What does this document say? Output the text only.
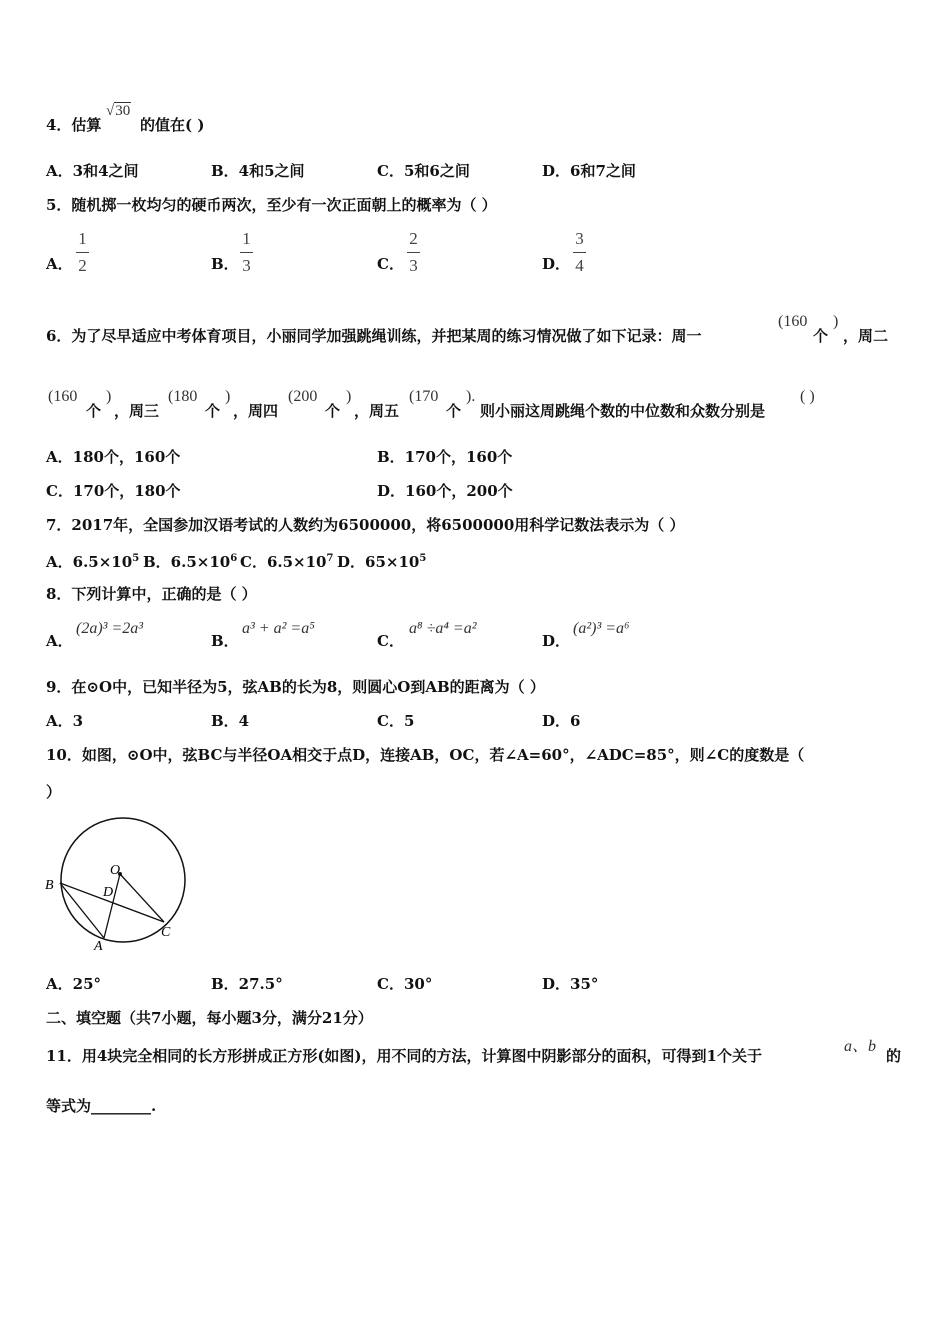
4．估算
√30
的值在( )
A．3和4之间	B．4和5之间	C．5和6之间	D．6和7之间
5．随机掷一枚均匀的硬币两次，至少有一次正面朝上的概率为（ ）
A．
1
2	B．
1
3	C．
2
3	D．
3
4
6．为了尽早适应中考体育项目，小丽同学加强跳绳训练，并把某周的练习情况做了如下记录：周一
(160
个
)
，周二
(160
个
)
，周三
(180
个
)
，周四
(200
个
)
，周五
(170
个
).
则小丽这周跳绳个数的中位数和众数分别是
( )
A．180个，160个	B．170个，160个
C．170个，180个	D．160个，200个
7．2017年，全国参加汉语考试的人数约为6500000，将6500000用科学记数法表示为（ ）
A．$6.5\times 10^5$ B．$6.5\times 10^6$ C．$6.5\times 10^7$ D．$65\times 10^5$
8．下列计算中，正确的是（ ）
A．
(2a)³ =2a³
B．
a³ + a² =a⁵
C．
a⁸ ÷a⁴ =a²
D．
(a²)³ =a⁶
9．在⊙O中，已知半径为5，弦AB的长为8，则圆心O到AB的距离为（ ）
A．3	B．4	C．5	D．6
10．如图，⊙O中，弦BC与半径OA相交于点D，连接AB，OC，若∠A=60°，∠ADC=85°，则∠C的度数是（
）
O
D
B
A
C
A．25°	B．27.5°	C．30°	D．35°
二、填空题（共7小题，每小题3分，满分21分）
11．用4块完全相同的长方形拼成正方形(如图)，用不同的方法，计算图中阴影部分的面积，可得到1个关于
a、b
的
等式为________.
